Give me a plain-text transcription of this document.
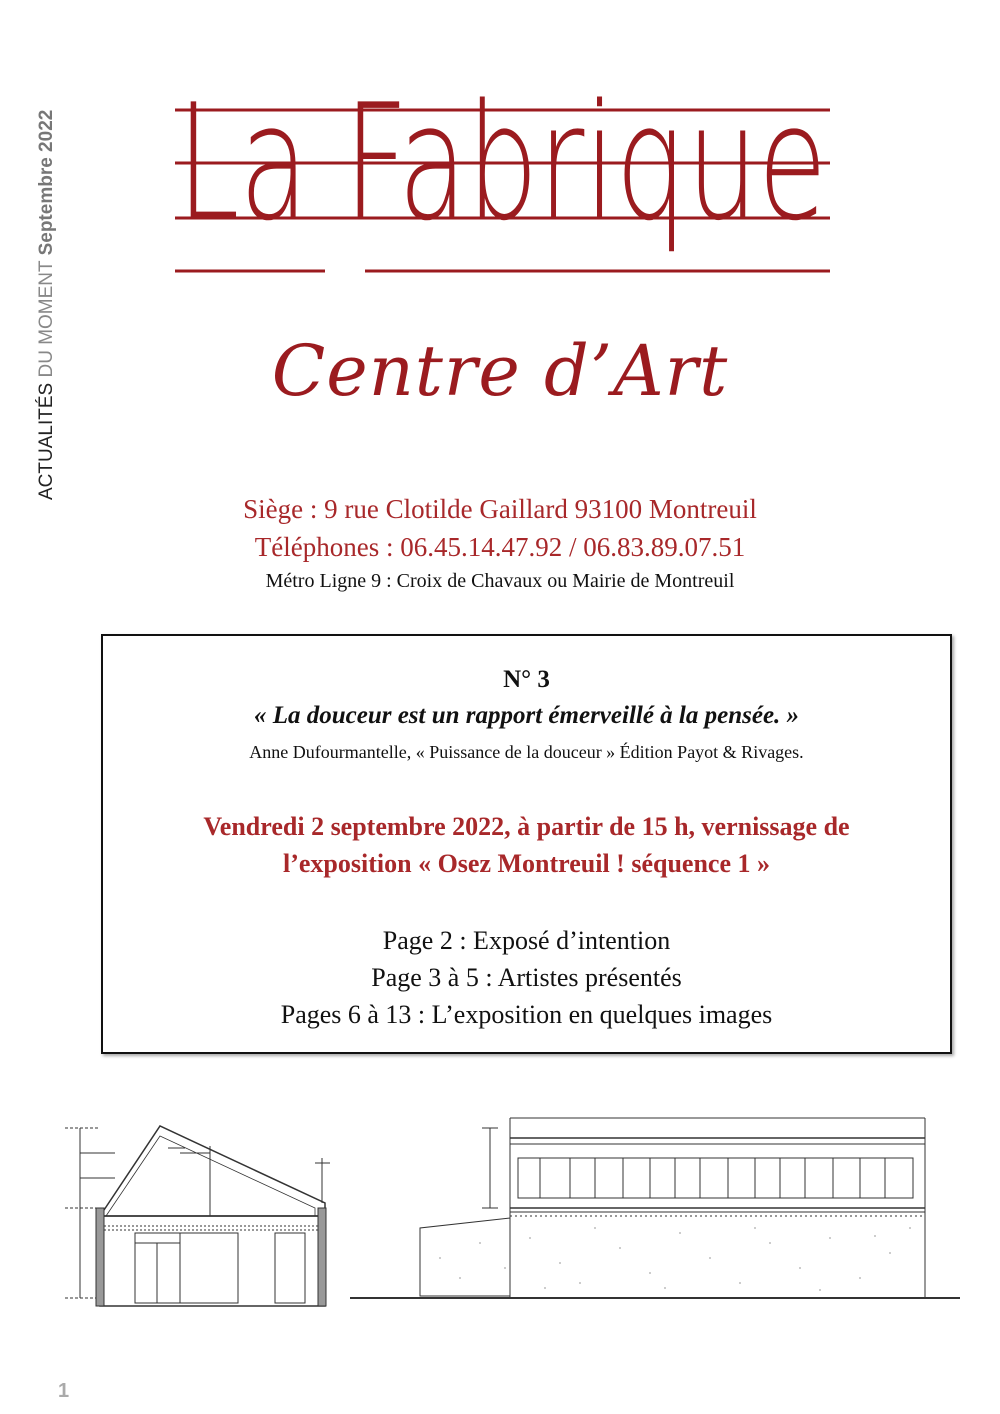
ACTUALITÉS DU MOMENT Septembre 2022 La Fabrique
Centre d’Art
Siège : 9 rue Clotilde Gaillard 93100 Montreuil
Téléphones : 06.45.14.47.92 / 06.83.89.07.51
Métro Ligne 9 : Croix de Chavaux ou Mairie de Montreuil
N° 3
« La douceur est un rapport émerveillé à la pensée. »
Anne Dufourmantelle, « Puissance de la douceur » Édition Payot & Rivages.
Vendredi 2 septembre 2022, à partir de 15 h, vernissage de
l’exposition « Osez Montreuil ! séquence 1 »
Page 2 : Exposé d’intention
Page 3 à 5 : Artistes présentés
Pages 6 à 13 : L’exposition en quelques images
1
